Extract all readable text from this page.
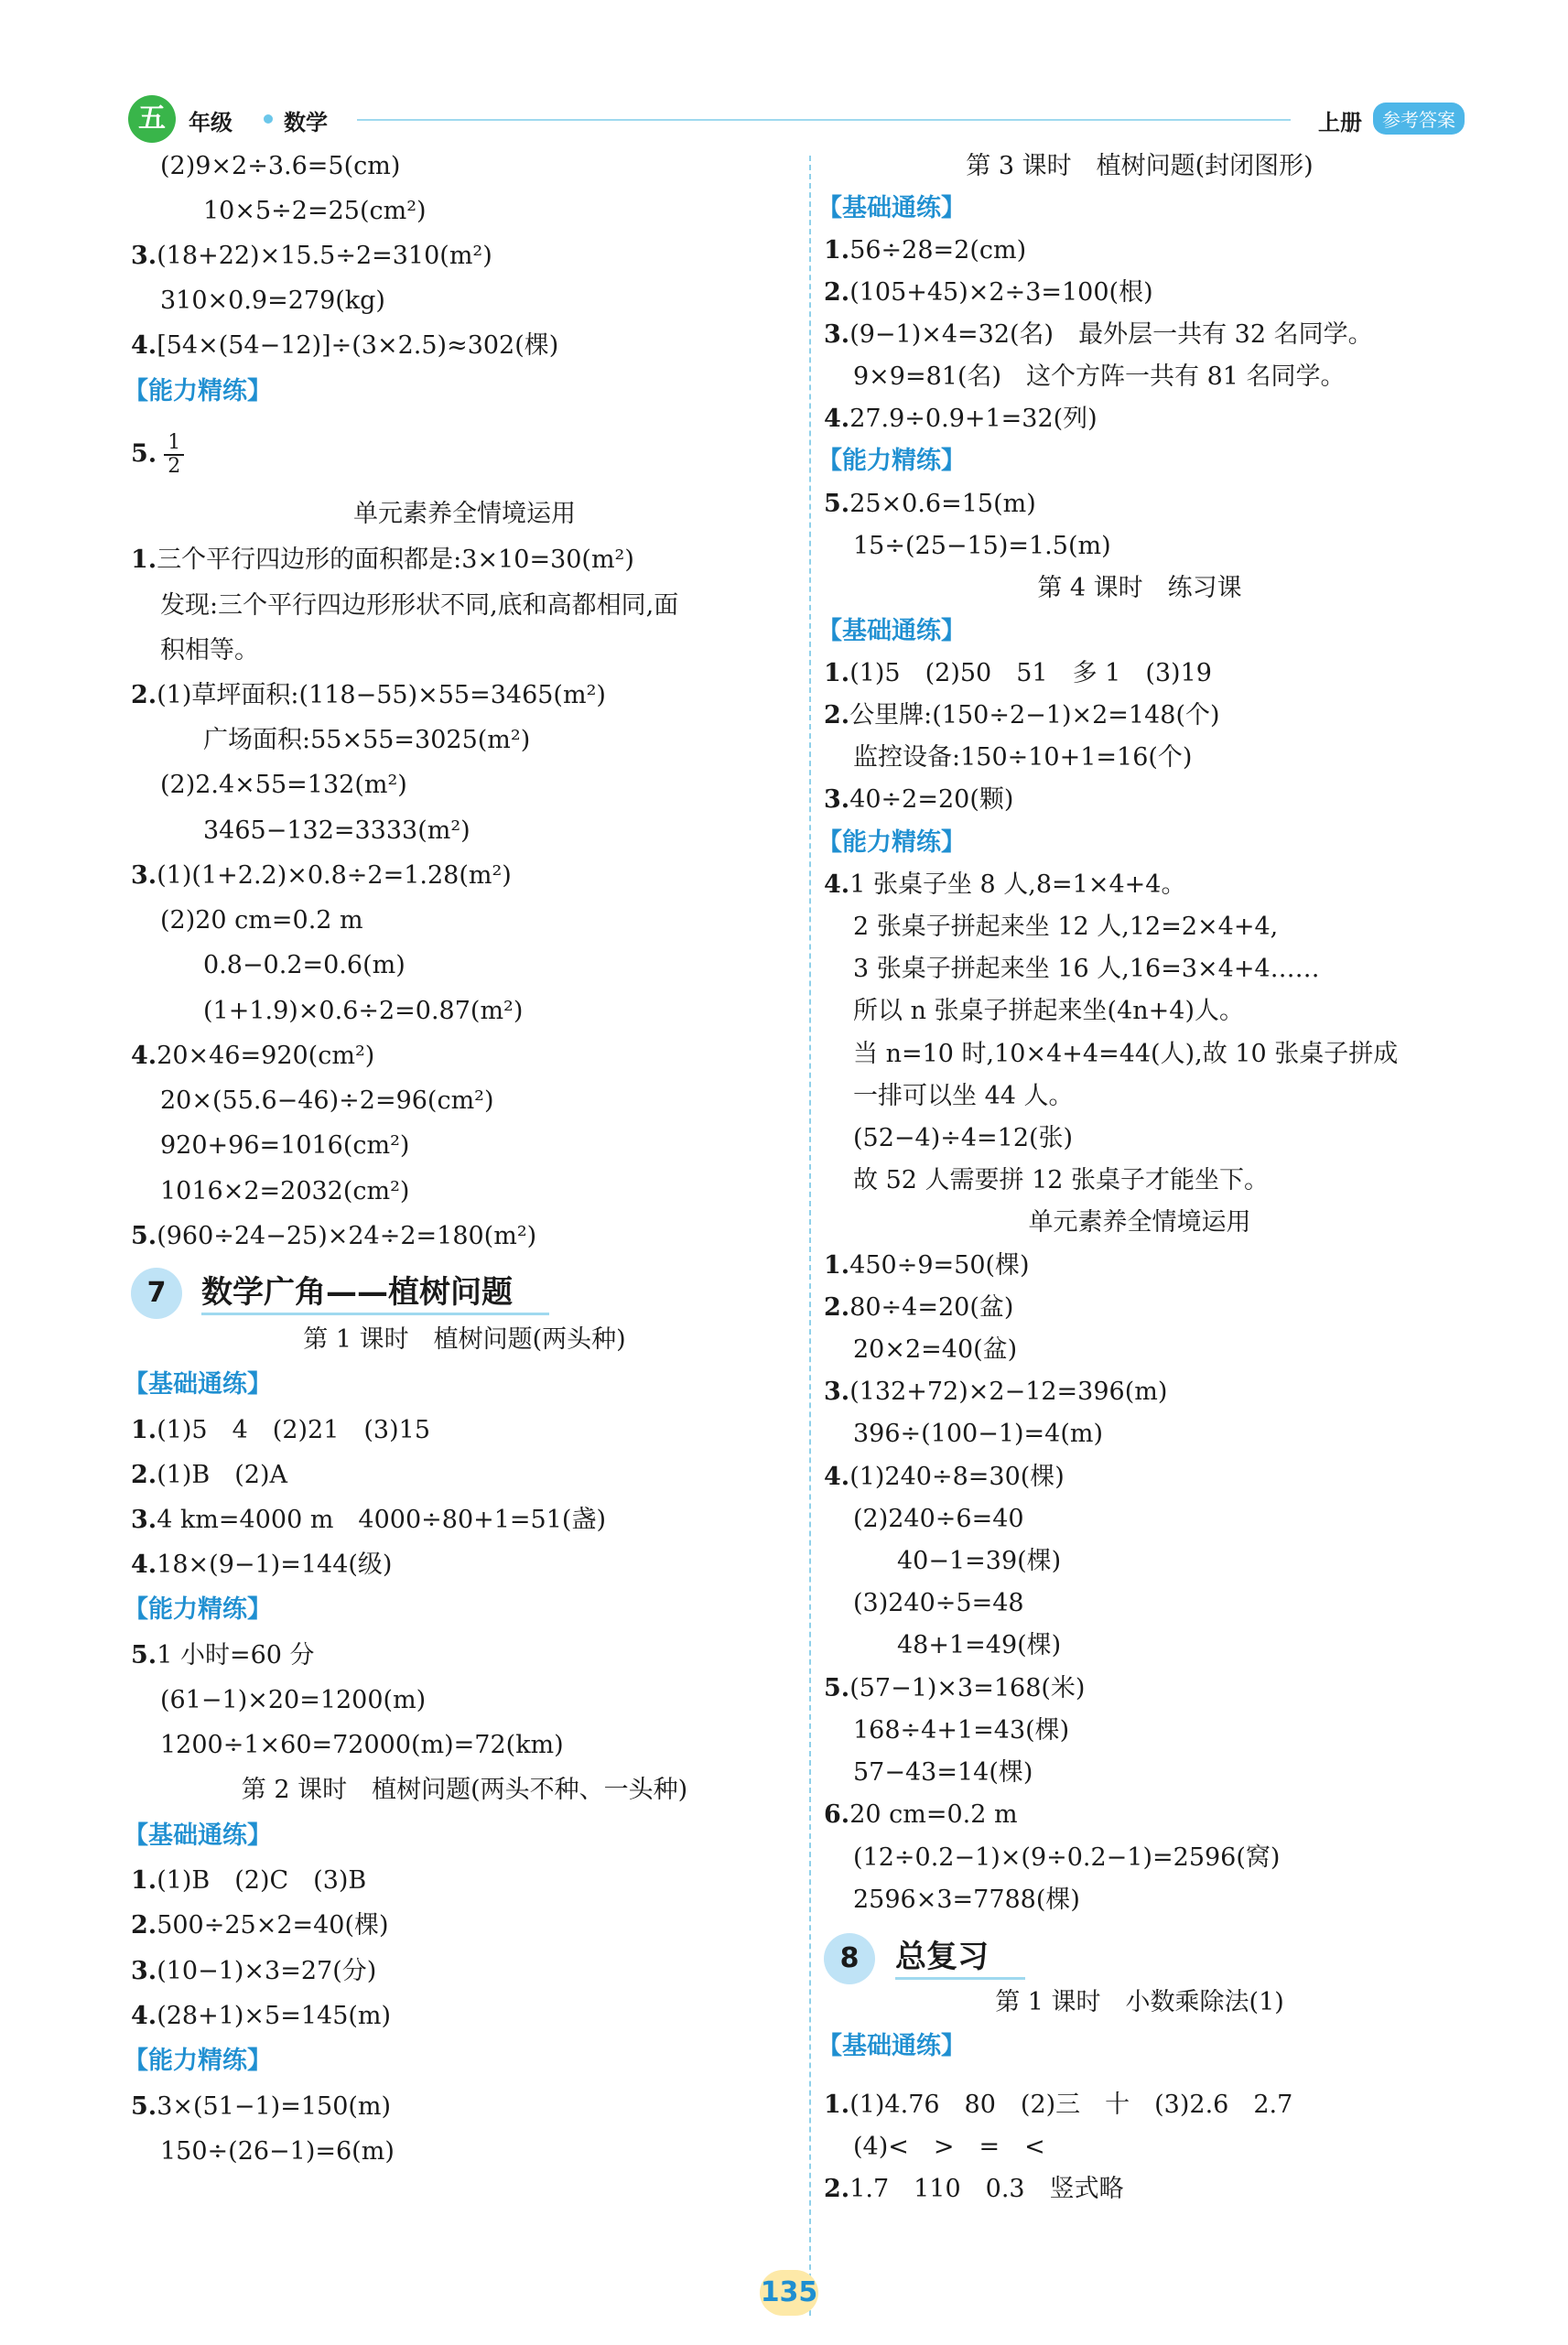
五	年级 数学	上册	参考答案
(2)9×2÷3.6=5(cm)
10×5÷2=25(cm²)
3.(18+22)×15.5÷2=310(m²)
310×0.9=279(kg)
4.[54×(54−12)]÷(3×2.5)≈302(棵)
【能力精练】
5. $\frac{1}{2}$
单元素养全情境运用
1.三个平行四边形的面积都是:3×10=30(m²)
发现:三个平行四边形形状不同,底和高都相同,面
积相等。
2.(1)草坪面积:(118−55)×55=3465(m²)
广场面积:55×55=3025(m²)
(2)2.4×55=132(m²)
3465−132=3333(m²)
3.(1)(1+2.2)×0.8÷2=1.28(m²)
(2)20 cm=0.2 m
0.8−0.2=0.6(m)
(1+1.9)×0.6÷2=0.87(m²)
4.20×46=920(cm²)
20×(55.6−46)÷2=96(cm²)
920+96=1016(cm²)
1016×2=2032(cm²)
5.(960÷24−25)×24÷2=180(m²)
7	数学广角——植树问题
第 1 课时　植树问题(两头种)
【基础通练】
1.(1)5　4　(2)21　(3)15
2.(1)B　(2)A
3.4 km=4000 m　4000÷80+1=51(盏)
4.18×(9−1)=144(级)
【能力精练】
5.1 小时=60 分
(61−1)×20=1200(m)
1200÷1×60=72000(m)=72(km)
第 2 课时　植树问题(两头不种、一头种)
【基础通练】
1.(1)B　(2)C　(3)B
2.500÷25×2=40(棵)
3.(10−1)×3=27(分)
4.(28+1)×5=145(m)
【能力精练】
5.3×(51−1)=150(m)
150÷(26−1)=6(m)
第 3 课时　植树问题(封闭图形)
【基础通练】
1.56÷28=2(cm)
2.(105+45)×2÷3=100(根)
3.(9−1)×4=32(名)　最外层一共有 32 名同学。
9×9=81(名)　这个方阵一共有 81 名同学。
4.27.9÷0.9+1=32(列)
【能力精练】
5.25×0.6=15(m)
15÷(25−15)=1.5(m)
第 4 课时　练习课
【基础通练】
1.(1)5　(2)50　51　多 1　(3)19
2.公里牌:(150÷2−1)×2=148(个)
监控设备:150÷10+1=16(个)
3.40÷2=20(颗)
【能力精练】
4.1 张桌子坐 8 人,8=1×4+4。
2 张桌子拼起来坐 12 人,12=2×4+4,
3 张桌子拼起来坐 16 人,16=3×4+4……
所以 n 张桌子拼起来坐(4n+4)人。
当 n=10 时,10×4+4=44(人),故 10 张桌子拼成
一排可以坐 44 人。
(52−4)÷4=12(张)
故 52 人需要拼 12 张桌子才能坐下。
单元素养全情境运用
1.450÷9=50(棵)
2.80÷4=20(盆)
20×2=40(盆)
3.(132+72)×2−12=396(m)
396÷(100−1)=4(m)
4.(1)240÷8=30(棵)
(2)240÷6=40
40−1=39(棵)
(3)240÷5=48
48+1=49(棵)
5.(57−1)×3=168(米)
168÷4+1=43(棵)
57−43=14(棵)
6.20 cm=0.2 m
(12÷0.2−1)×(9÷0.2−1)=2596(窝)
2596×3=7788(棵)
8	总复习
第 1 课时　小数乘除法(1)
【基础通练】
1.(1)4.76　80　(2)三　十　(3)2.6　2.7
(4)<　>　=　<
2.1.7　110　0.3　竖式略
135
